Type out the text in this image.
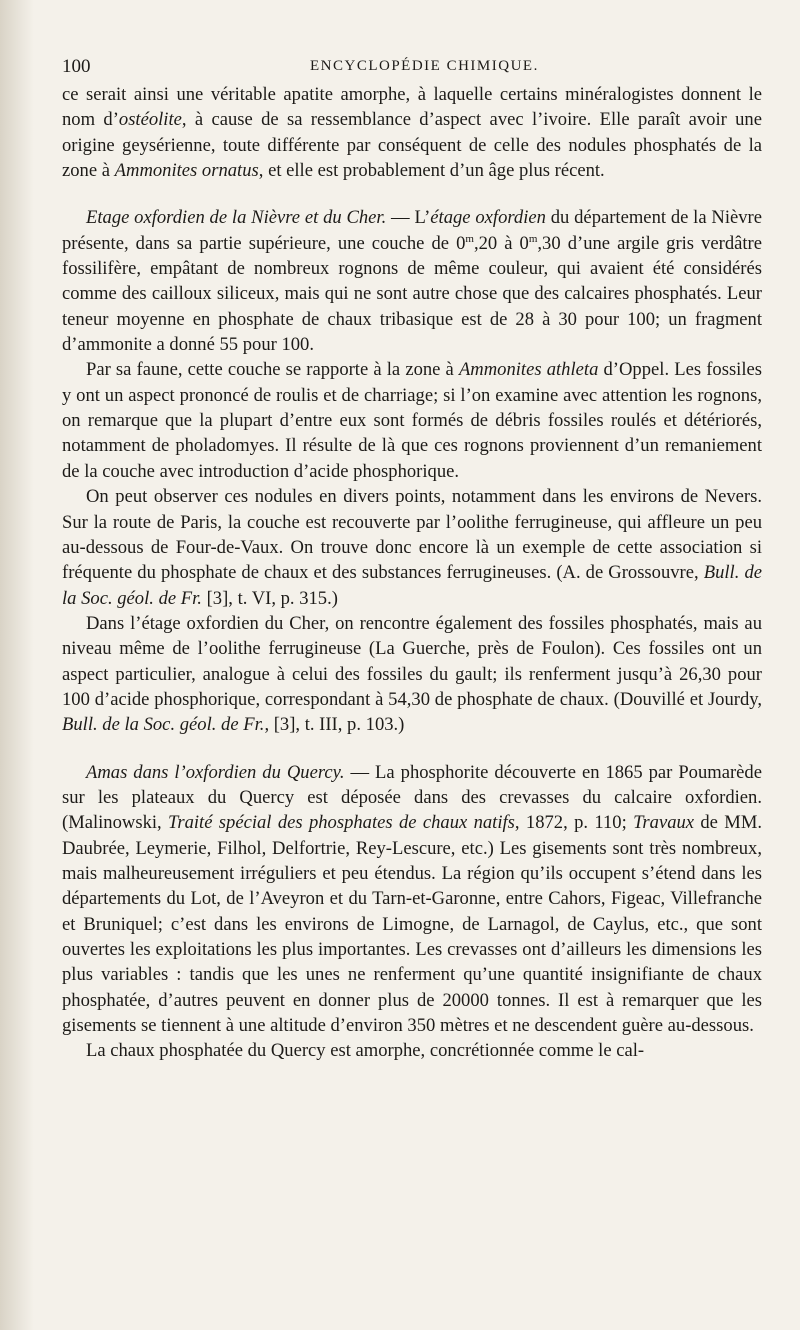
100	ENCYCLOPÉDIE CHIMIQUE.

ce serait ainsi une véritable apatite amorphe, à laquelle certains minéralogistes donnent le nom d’ostéolite, à cause de sa ressemblance d’aspect avec l’ivoire. Elle paraît avoir une origine geysérienne, toute différente par conséquent de celle des nodules phosphatés de la zone à Ammonites ornatus, et elle est probablement d’un âge plus récent.

Etage oxfordien de la Nièvre et du Cher. — L’étage oxfordien du département de la Nièvre présente, dans sa partie supérieure, une couche de 0$^m$,20 à 0$^m$,30 d’une argile gris verdâtre fossilifère, empâtant de nombreux rognons de même couleur, qui avaient été considérés comme des cailloux siliceux, mais qui ne sont autre chose que des calcaires phosphatés. Leur teneur moyenne en phosphate de chaux tribasique est de 28 à 30 pour 100; un fragment d’ammonite a donné 55 pour 100.

Par sa faune, cette couche se rapporte à la zone à Ammonites athleta d’Oppel. Les fossiles y ont un aspect prononcé de roulis et de charriage; si l’on examine avec attention les rognons, on remarque que la plupart d’entre eux sont formés de débris fossiles roulés et détériorés, notamment de pholadomyes. Il résulte de là que ces rognons proviennent d’un remaniement de la couche avec introduction d’acide phosphorique.

On peut observer ces nodules en divers points, notamment dans les environs de Nevers. Sur la route de Paris, la couche est recouverte par l’oolithe ferrugineuse, qui affleure un peu au-dessous de Four-de-Vaux. On trouve donc encore là un exemple de cette association si fréquente du phosphate de chaux et des substances ferrugineuses. (A. de Grossouvre, Bull. de la Soc. géol. de Fr. [3], t. VI, p. 315.)

Dans l’étage oxfordien du Cher, on rencontre également des fossiles phosphatés, mais au niveau même de l’oolithe ferrugineuse (La Guerche, près de Foulon). Ces fossiles ont un aspect particulier, analogue à celui des fossiles du gault; ils renferment jusqu’à 26,30 pour 100 d’acide phosphorique, correspondant à 54,30 de phosphate de chaux. (Douvillé et Jourdy, Bull. de la Soc. géol. de Fr., [3], t. III, p. 103.)

Amas dans l’oxfordien du Quercy. — La phosphorite découverte en 1865 par Poumarède sur les plateaux du Quercy est déposée dans des crevasses du calcaire oxfordien. (Malinowski, Traité spécial des phosphates de chaux natifs, 1872, p. 110; Travaux de MM. Daubrée, Leymerie, Filhol, Delfortrie, Rey-Lescure, etc.) Les gisements sont très nombreux, mais malheureusement irréguliers et peu étendus. La région qu’ils occupent s’étend dans les départements du Lot, de l’Aveyron et du Tarn-et-Garonne, entre Cahors, Figeac, Villefranche et Bruniquel; c’est dans les environs de Limogne, de Larnagol, de Caylus, etc., que sont ouvertes les exploitations les plus importantes. Les crevasses ont d’ailleurs les dimensions les plus variables : tandis que les unes ne renferment qu’une quantité insignifiante de chaux phosphatée, d’autres peuvent en donner plus de 20000 tonnes. Il est à remarquer que les gisements se tiennent à une altitude d’environ 350 mètres et ne descendent guère au-dessous.

La chaux phosphatée du Quercy est amorphe, concrétionnée comme le cal-
